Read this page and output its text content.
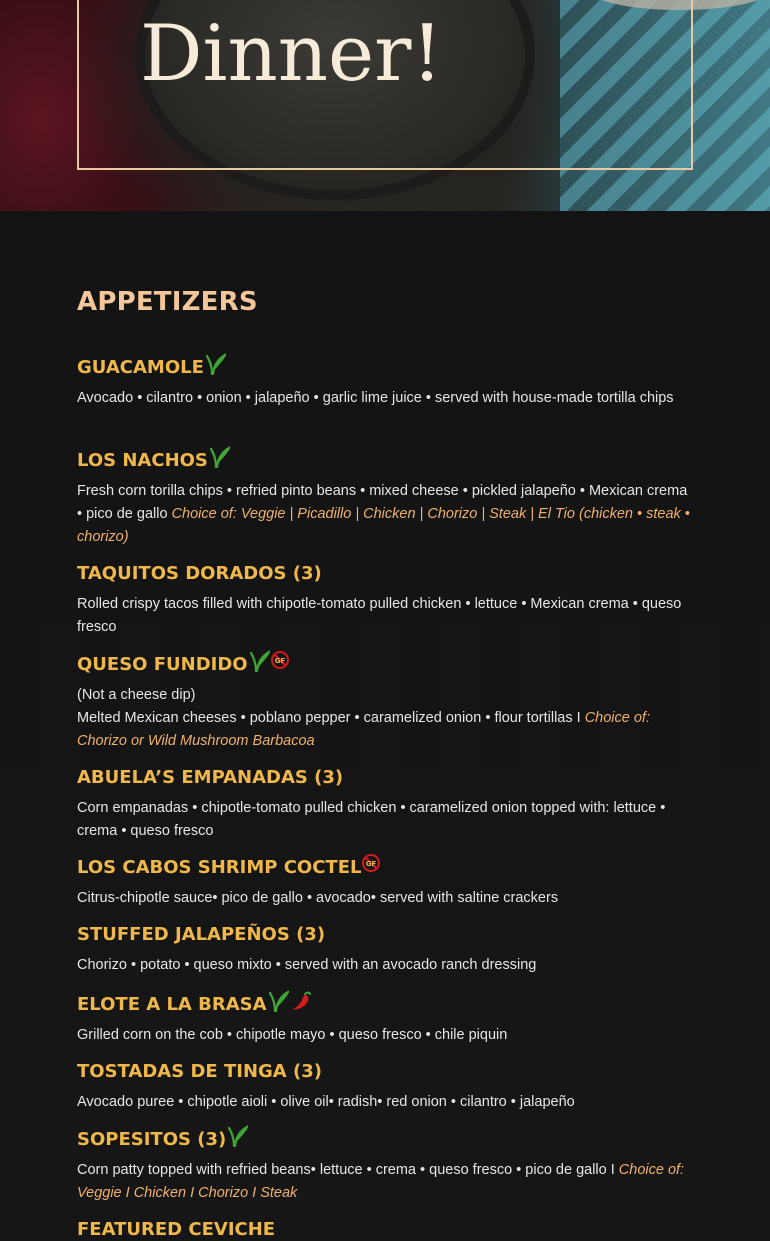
Dinner!
APPETIZERS
GUACAMOLE

Avocado • cilantro • onion • jalapeño • garlic lime juice • served with house-made tortilla chips

LOS NACHOS

Fresh corn torilla chips • refried pinto beans • mixed cheese • pickled jalapeño • Mexican crema • pico de gallo Choice of: Veggie | Picadillo | Chicken | Chorizo | Steak | El Tio (chicken • steak • chorizo)

TAQUITOS DORADOS (3)

Rolled crispy tacos filled with chipotle-tomato pulled chicken • lettuce • Mexican crema • queso fresco

QUESO FUNDIDO	GF

(Not a cheese dip)
Melted Mexican cheeses • poblano pepper • caramelized onion • flour tortillas I Choice of: Chorizo or Wild Mushroom Barbacoa

ABUELA’S EMPANADAS (3)

Corn empanadas • chipotle-tomato pulled chicken • caramelized onion topped with: lettuce • crema • queso fresco

LOS CABOS SHRIMP COCTEL GF

Citrus-chipotle sauce• pico de gallo • avocado• served with saltine crackers

STUFFED JALAPEÑOS (3)

Chorizo • potato • queso mixto • served with an avocado ranch dressing

ELOTE A LA BRASA

Grilled corn on the cob • chipotle mayo • queso fresco • chile piquin

TOSTADAS DE TINGA (3)

Avocado puree • chipotle aioli • olive oil• radish• red onion • cilantro • jalapeño

SOPESITOS (3)

Corn patty topped with refried beans• lettuce • crema • queso fresco • pico de gallo I Choice of: Veggie I Chicken I Chorizo I Steak

FEATURED CEVICHE
